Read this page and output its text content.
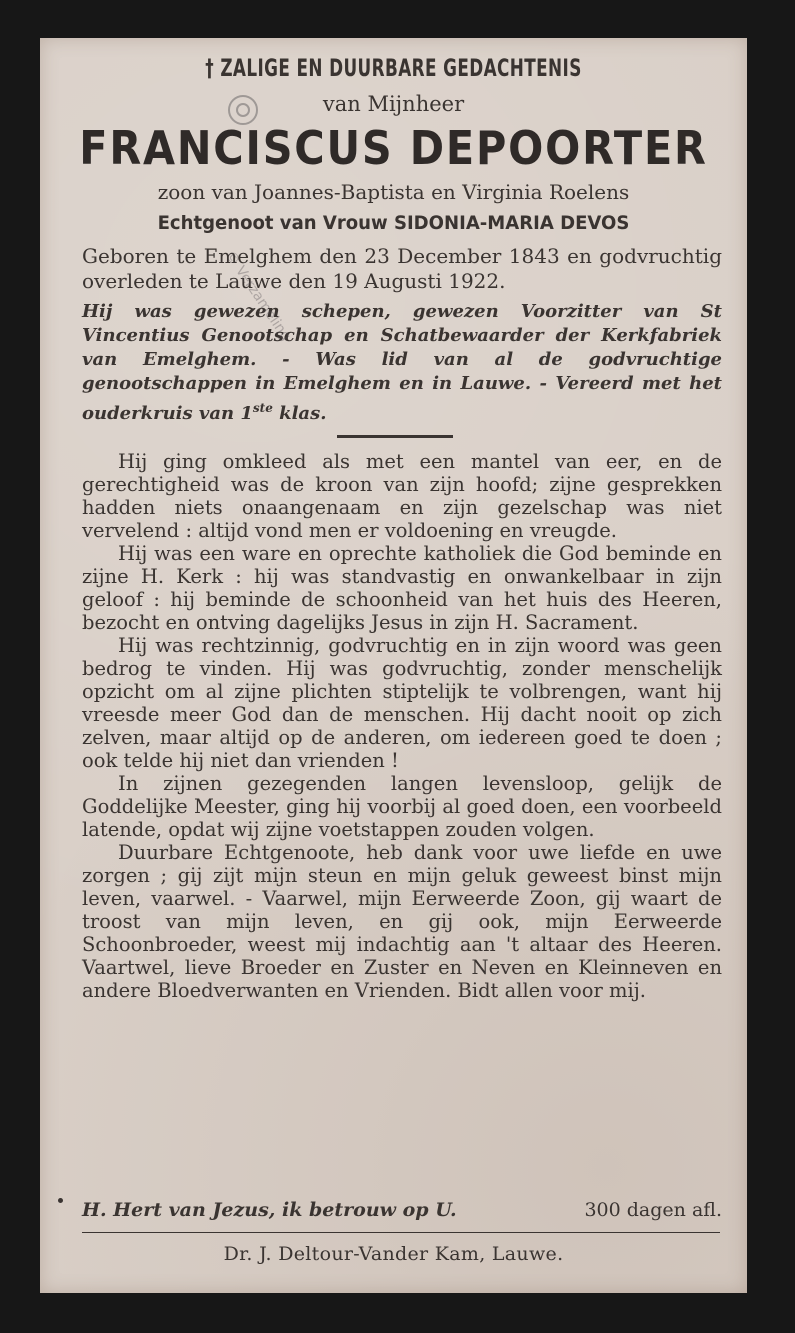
† ZALIGE EN DUURBARE GEDACHTENIS
van Mijnheer
FRANCISCUS DEPOORTER
zoon van Joannes-Baptista en Virginia Roelens
Echtgenoot van Vrouw SIDONIA-MARIA DEVOS
Geboren te Emelghem den 23 December 1843 en godvruchtig overleden te Lauwe den 19 Augusti 1922.
Hij was gewezen schepen, gewezen Voorzitter van St Vincentius Genootschap en Schatbewaarder der Kerkfabriek van Emelghem. - Was lid van al de godvruchtige genootschappen in Emelghem en in Lauwe. - Vereerd met het ouderkruis van 1ste klas.

Hij ging omkleed als met een mantel van eer, en de gerechtigheid was de kroon van zijn hoofd; zijne gesprekken hadden niets onaangenaam en zijn gezelschap was niet vervelend : altijd vond men er voldoening en vreugde.

Hij was een ware en oprechte katholiek die God beminde en zijne H. Kerk : hij was standvastig en onwankelbaar in zijn geloof : hij beminde de schoonheid van het huis des Heeren, bezocht en ontving dagelijks Jesus in zijn H. Sacrament.

Hij was rechtzinnig, godvruchtig en in zijn woord was geen bedrog te vinden. Hij was godvruchtig, zonder menschelijk opzicht om al zijne plichten stiptelijk te volbrengen, want hij vreesde meer God dan de menschen. Hij dacht nooit op zich zelven, maar altijd op de anderen, om iedereen goed te doen ; ook telde hij niet dan vrienden !

In zijnen gezegenden langen levensloop, gelijk de Goddelijke Meester, ging hij voorbij al goed doen, een voorbeeld latende, opdat wij zijne voetstappen zouden volgen.

Duurbare Echtgenoote, heb dank voor uwe liefde en uwe zorgen ; gij zijt mijn steun en mijn geluk geweest binst mijn leven, vaarwel. - Vaarwel, mijn Eerweerde Zoon, gij waart de troost van mijn leven, en gij ook, mijn Eerweerde Schoonbroeder, weest mij indachtig aan 't altaar des Heeren. Vaartwel, lieve Broeder en Zuster en Neven en Kleinneven en andere Bloedverwanten en Vrienden. Bidt allen voor mij.

H. Hert van Jezus, ik betrouw op U.	300 dagen afl.
Dr. J. Deltour-Vander Kam, Lauwe.
© Verzameling
